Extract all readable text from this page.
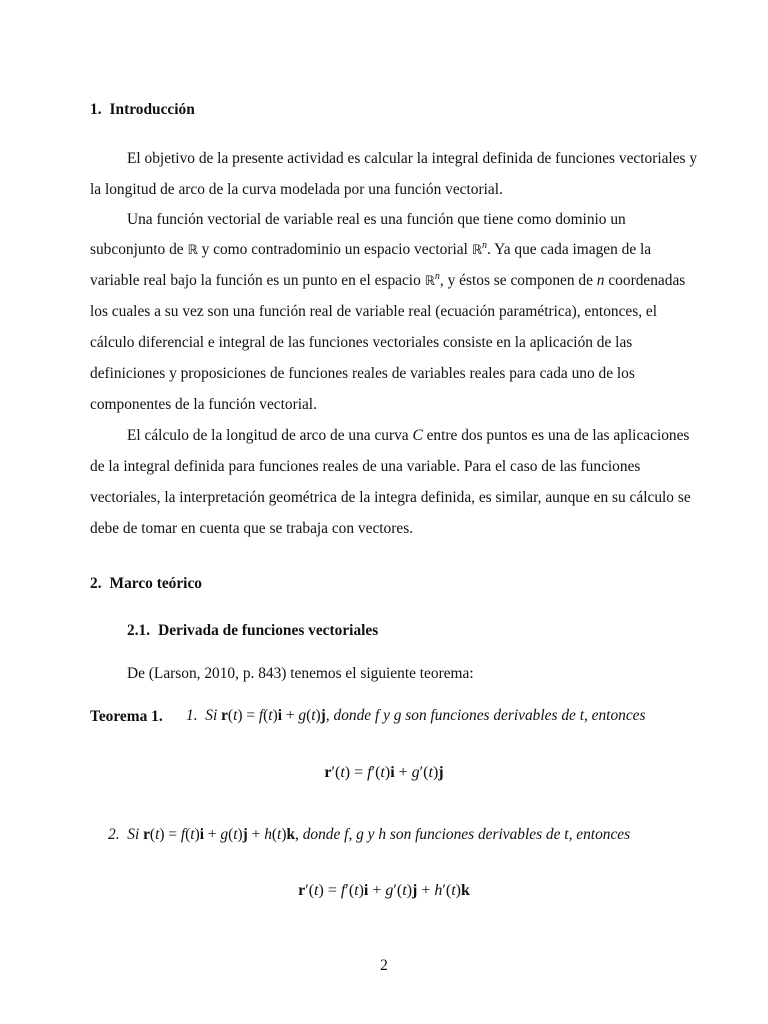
1. Introducción
El objetivo de la presente actividad es calcular la integral definida de funciones vectoriales y
la longitud de arco de la curva modelada por una función vectorial.
Una función vectorial de variable real es una función que tiene como dominio un
subconjunto de ℝ y como contradominio un espacio vectorial ℝ$^n$. Ya que cada imagen de la
variable real bajo la función es un punto en el espacio ℝ$^n$, y éstos se componen de n coordenadas
los cuales a su vez son una función real de variable real (ecuación paramétrica), entonces, el
cálculo diferencial e integral de las funciones vectoriales consiste en la aplicación de las
definiciones y proposiciones de funciones reales de variables reales para cada uno de los
componentes de la función vectorial.
El cálculo de la longitud de arco de una curva C entre dos puntos es una de las aplicaciones
de la integral definida para funciones reales de una variable. Para el caso de las funciones
vectoriales, la interpretación geométrica de la integra definida, es similar, aunque en su cálculo se
debe de tomar en cuenta que se trabaja con vectores.
2. Marco teórico
2.1. Derivada de funciones vectoriales
De (Larson, 2010, p. 843) tenemos el siguiente teorema:
Teorema 1. 1. Si r(t) = f(t)i + g(t)j, donde f y g son funciones derivables de t, entonces
r′(t) = f′(t)i + g′(t)j
2. Si r(t) = f(t)i + g(t)j + h(t)k, donde f, g y h son funciones derivables de t, entonces
r′(t) = f′(t)i + g′(t)j + h′(t)k
2
